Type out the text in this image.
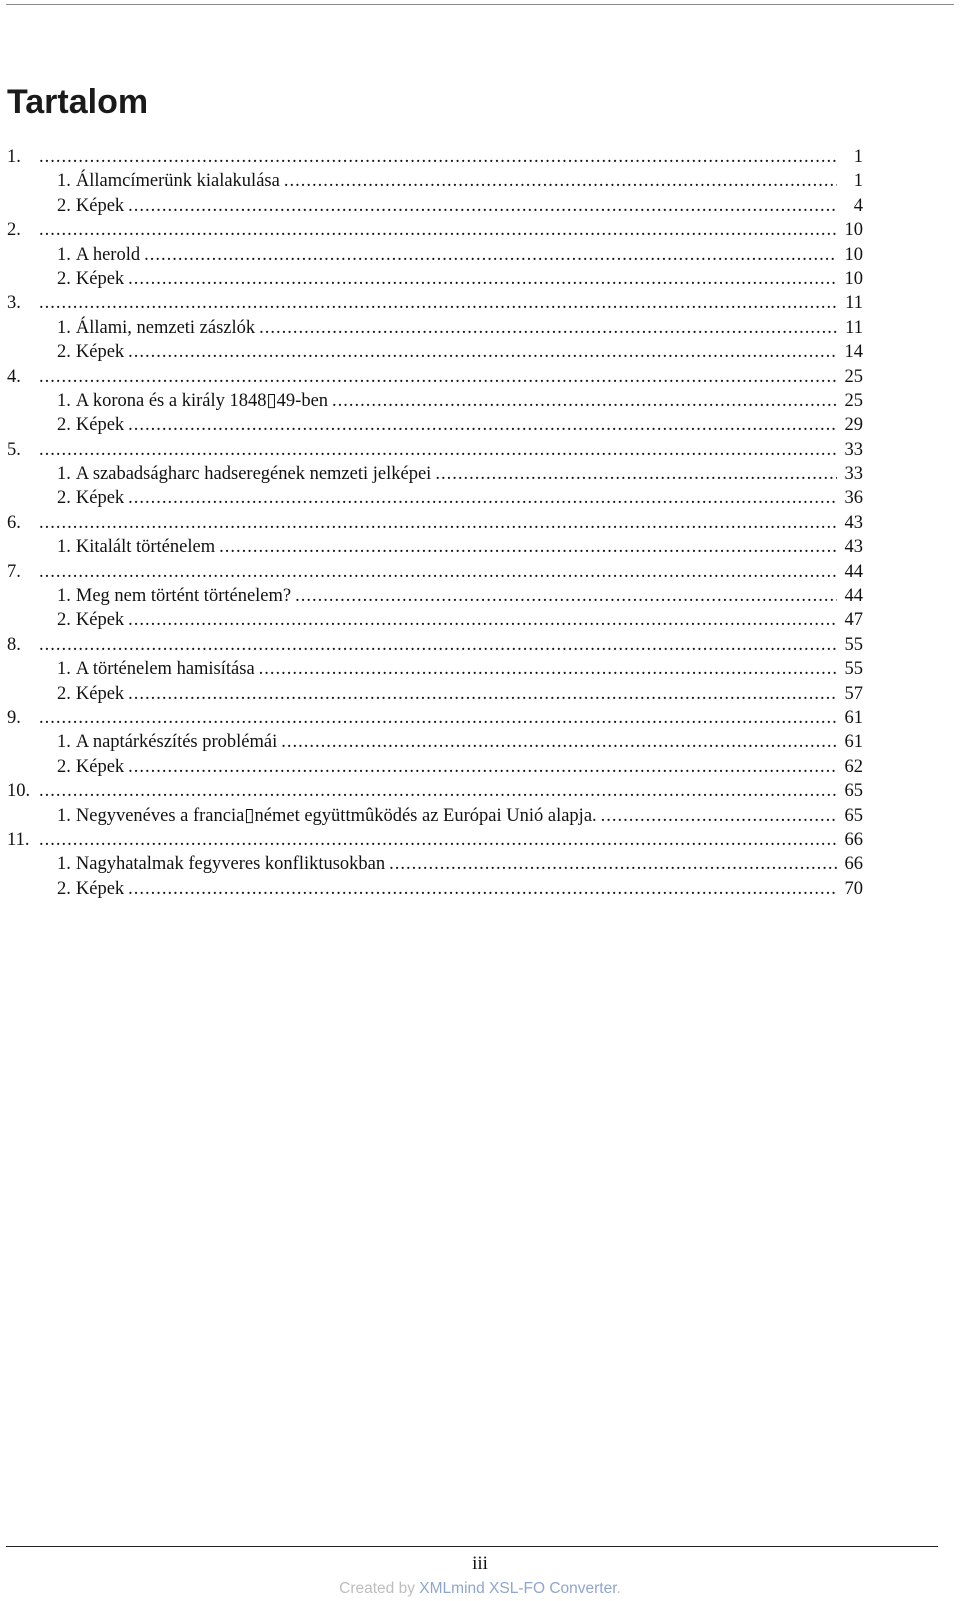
Tartalom
1. .....	1
1. Államcímerünk kialakulása .....	1
2. Képek .....	4
2. .....	10
1. A herold .....	10
2. Képek .....	10
3. .....	11
1. Állami, nemzeti zászlók .....	11
2. Képek .....	14
4. .....	25
1. A korona és a király 1848▯49-ben .....	25
2. Képek .....	29
5. .....	33
1. A szabadságharc hadseregének nemzeti jelképei .....	33
2. Képek .....	36
6. .....	43
1. Kitalált történelem .....	43
7. .....	44
1. Meg nem történt történelem? .....	44
2. Képek .....	47
8. .....	55
1. A történelem hamisítása .....	55
2. Képek .....	57
9. .....	61
1. A naptárkészítés problémái .....	61
2. Képek .....	62
10. .....	65
1. Negyvenéves a francia▯német együttmûködés az Európai Unió alapja. .....	65
11. .....	66
1. Nagyhatalmak fegyveres konfliktusokban .....	66
2. Képek .....	70
iii
Created by XMLmind XSL-FO Converter.
